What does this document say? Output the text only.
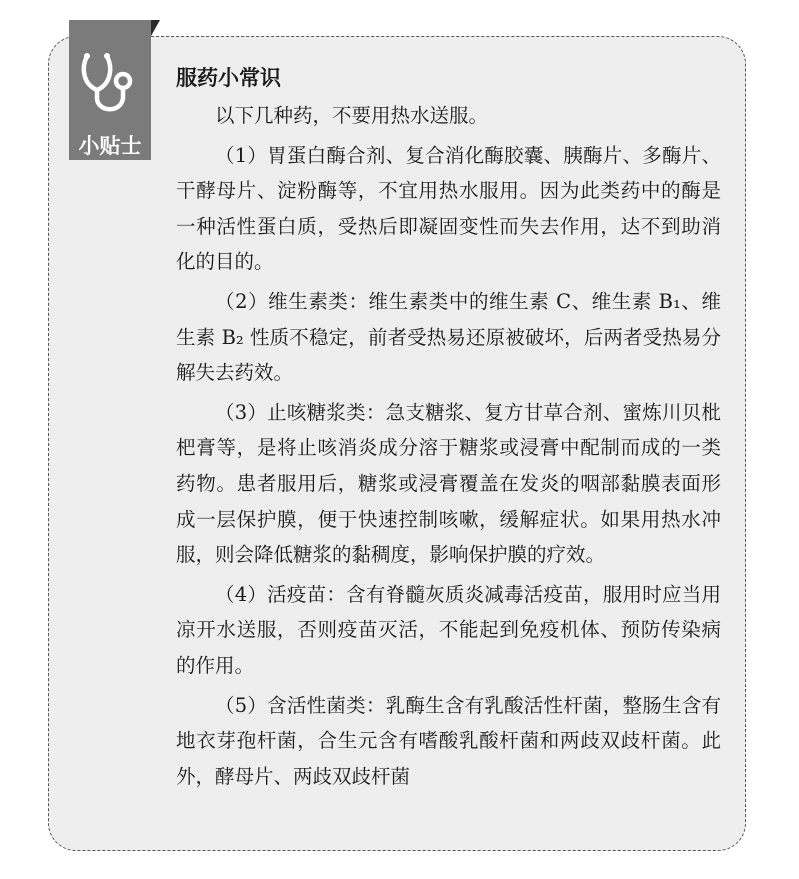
小贴士
服药小常识

以下几种药，不要用热水送服。

（1）胃蛋白酶合剂、复合消化酶胶囊、胰酶片、多酶片、干酵母片、淀粉酶等，不宜用热水服用。因为此类药中的酶是一种活性蛋白质，受热后即凝固变性而失去作用，达不到助消化的目的。

（2）维生素类：维生素类中的维生素 C、维生素 B₁、维生素 B₂ 性质不稳定，前者受热易还原被破坏，后两者受热易分解失去药效。

（3）止咳糖浆类：急支糖浆、复方甘草合剂、蜜炼川贝枇杷膏等，是将止咳消炎成分溶于糖浆或浸膏中配制而成的一类药物。患者服用后，糖浆或浸膏覆盖在发炎的咽部黏膜表面形成一层保护膜，便于快速控制咳嗽，缓解症状。如果用热水冲服，则会降低糖浆的黏稠度，影响保护膜的疗效。

（4）活疫苗：含有脊髓灰质炎减毒活疫苗，服用时应当用凉开水送服，否则疫苗灭活，不能起到免疫机体、预防传染病的作用。

（5）含活性菌类：乳酶生含有乳酸活性杆菌，整肠生含有地衣芽孢杆菌，合生元含有嗜酸乳酸杆菌和两歧双歧杆菌。此外，酵母片、两歧双歧杆菌
